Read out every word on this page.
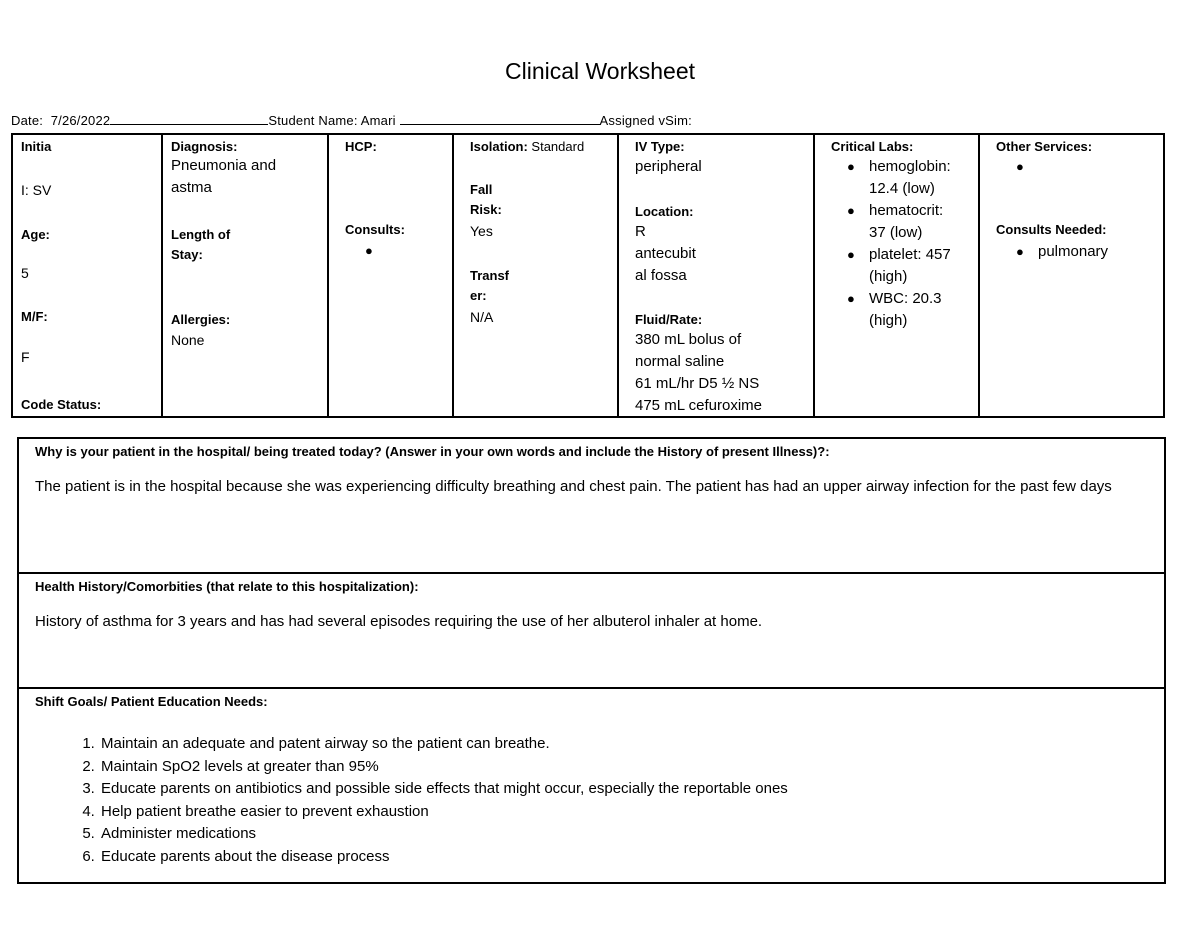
Clinical Worksheet
Date: 7/26/2022	Student Name: Amari	Assigned vSim:
Initia
I: SV
Age:
5
M/F:
F
Code Status:
Diagnosis:
Pneumonia and
astma
Length of
Stay:
Allergies:
None
HCP:
Consults:
●
Isolation: Standard
Fall
Risk:
Yes
Transf
er:
N/A
IV Type:
peripheral
Location:
R
antecubit
al fossa
Fluid/Rate:
380 mL bolus of
normal saline
61 mL/hr D5 ½ NS
475 mL cefuroxime
Critical Labs:
● hemoglobin:
12.4 (low)
● hematocrit:
37 (low)
● platelet: 457
(high)
● WBC: 20.3
(high)
Other Services:
●
Consults Needed:
● pulmonary
Why is your patient in the hospital/ being treated today? (Answer in your own words and include the History of present Illness)?:
The patient is in the hospital because she was experiencing difficulty breathing and chest pain. The patient has had an upper airway infection for the past few days
Health History/Comorbities (that relate to this hospitalization):
History of asthma for 3 years and has had several episodes requiring the use of her albuterol inhaler at home.
Shift Goals/ Patient Education Needs:
1. Maintain an adequate and patent airway so the patient can breathe.
2. Maintain SpO2 levels at greater than 95%
3. Educate parents on antibiotics and possible side effects that might occur, especially the reportable ones
4. Help patient breathe easier to prevent exhaustion
5. Administer medications
6. Educate parents about the disease process
